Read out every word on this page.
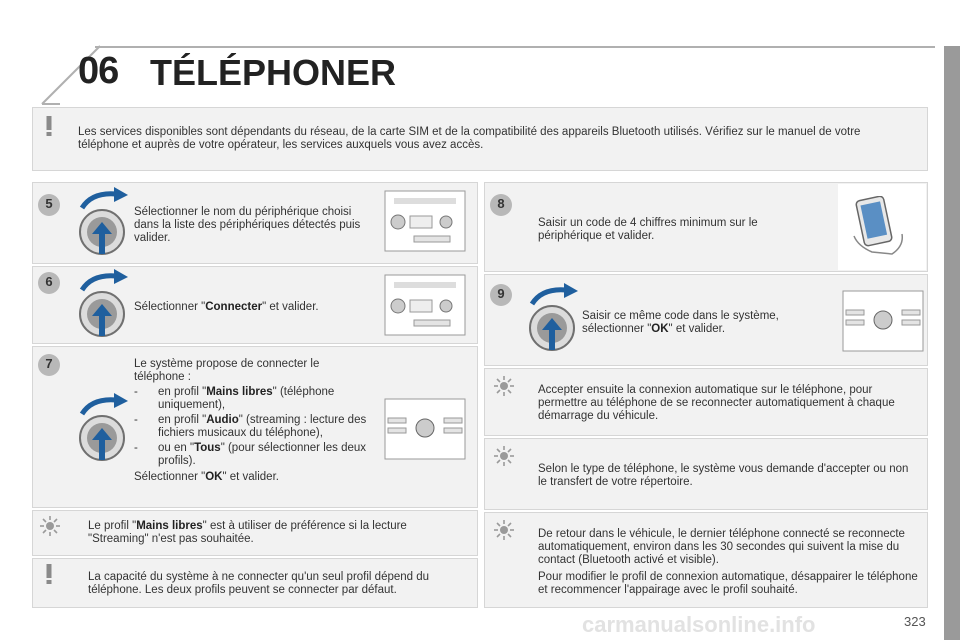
06 TÉLÉPHONER
Les services disponibles sont dépendants du réseau, de la carte SIM et de la compatibilité des appareils Bluetooth utilisés. Vérifiez sur le manuel de votre téléphone et auprès de votre opérateur, les services auxquels vous avez accès.
5
Sélectionner le nom du périphérique choisi dans la liste des périphériques détectés puis valider.
6
Sélectionner "Connecter" et valider.
7	Le système propose de connecter le téléphone :
- en profil "Mains libres" (téléphone uniquement),
- en profil "Audio" (streaming : lecture des fichiers musicaux du téléphone),
- ou en "Tous" (pour sélectionner les deux profils).
Sélectionner "OK" et valider.
Le profil "Mains libres" est à utiliser de préférence si la lecture "Streaming" n'est pas souhaitée.
La capacité du système à ne connecter qu'un seul profil dépend du téléphone. Les deux profils peuvent se connecter par défaut.
8
Saisir un code de 4 chiffres minimum sur le périphérique et valider.
9
Saisir ce même code dans le système, sélectionner "OK" et valider.
Accepter ensuite la connexion automatique sur le téléphone, pour permettre au téléphone de se reconnecter automatiquement à chaque démarrage du véhicule.
Selon le type de téléphone, le système vous demande d'accepter ou non le transfert de votre répertoire.
De retour dans le véhicule, le dernier téléphone connecté se reconnecte automatiquement, environ dans les 30 secondes qui suivent la mise du contact (Bluetooth activé et visible).
Pour modifier le profil de connexion automatique, désappairer le téléphone et recommencer l'appairage avec le profil souhaité.
323
carmanualsonline.info
